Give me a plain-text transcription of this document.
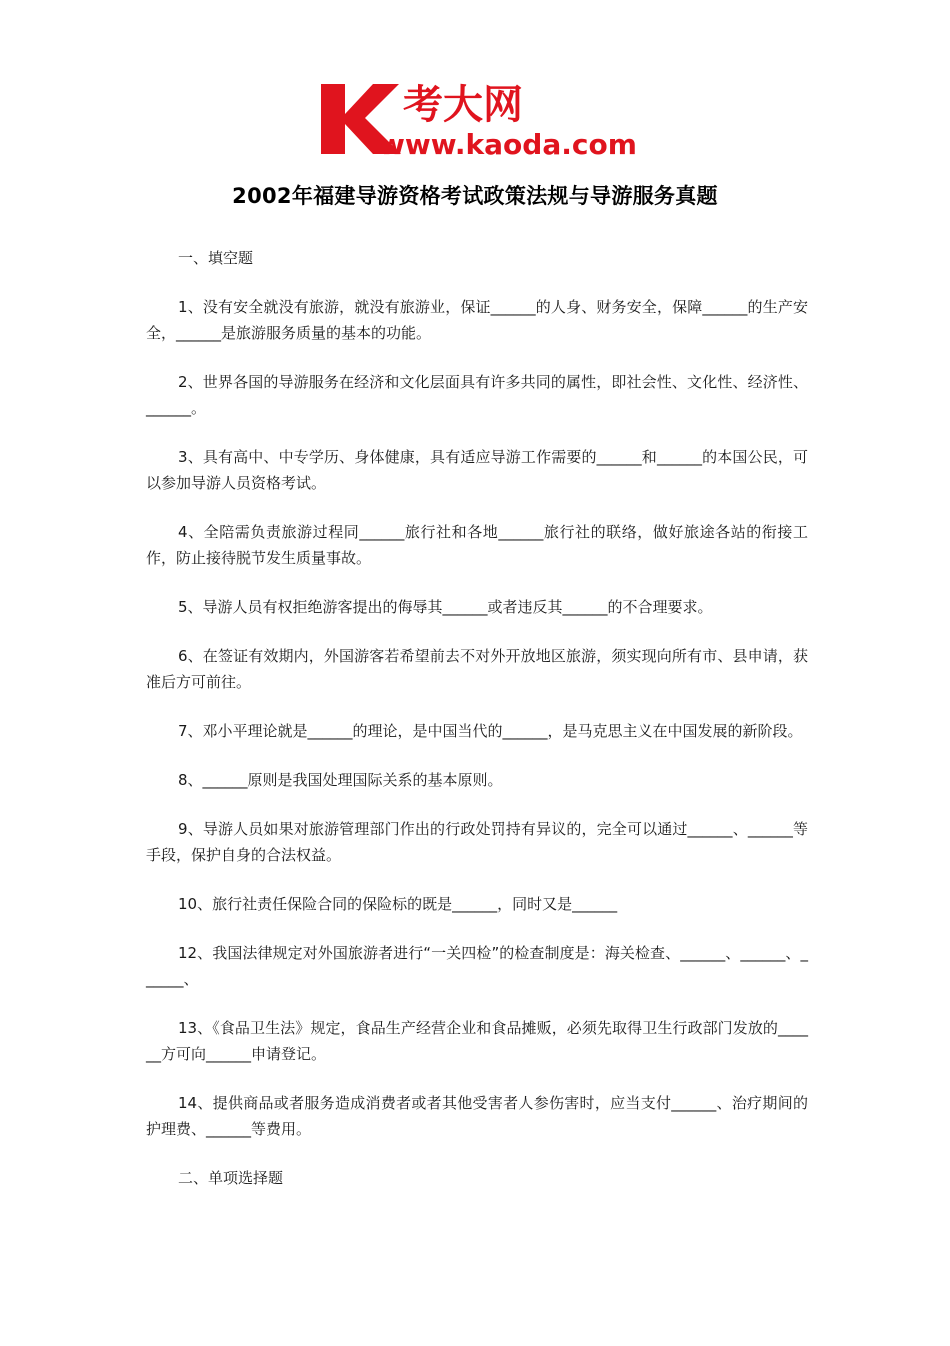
考大网
www.kaoda.com
2002年福建导游资格考试政策法规与导游服务真题

一、填空题

1、没有安全就没有旅游，就没有旅游业，保证______的人身、财务安全，保障______的生产安全，______是旅游服务质量的基本的功能。

2、世界各国的导游服务在经济和文化层面具有许多共同的属性，即社会性、文化性、经济性、______。

3、具有高中、中专学历、身体健康，具有适应导游工作需要的______和______的本国公民，可以参加导游人员资格考试。

4、全陪需负责旅游过程同______旅行社和各地______旅行社的联络，做好旅途各站的衔接工作，防止接待脱节发生质量事故。

5、导游人员有权拒绝游客提出的侮辱其______或者违反其______的不合理要求。

6、在签证有效期内，外国游客若希望前去不对外开放地区旅游，须实现向所有市、县申请，获准后方可前往。

7、邓小平理论就是______的理论，是中国当代的______，是马克思主义在中国发展的新阶段。

8、______原则是我国处理国际关系的基本原则。

9、导游人员如果对旅游管理部门作出的行政处罚持有异议的，完全可以通过______、______等手段，保护自身的合法权益。

10、旅行社责任保险合同的保险标的既是______，同时又是______

12、我国法律规定对外国旅游者进行“一关四检”的检查制度是：海关检查、______、______、______、

13、《食品卫生法》规定，食品生产经营企业和食品摊贩，必须先取得卫生行政部门发放的______方可向______申请登记。

14、提供商品或者服务造成消费者或者其他受害者人参伤害时，应当支付______、治疗期间的护理费、______等费用。

二、单项选择题
